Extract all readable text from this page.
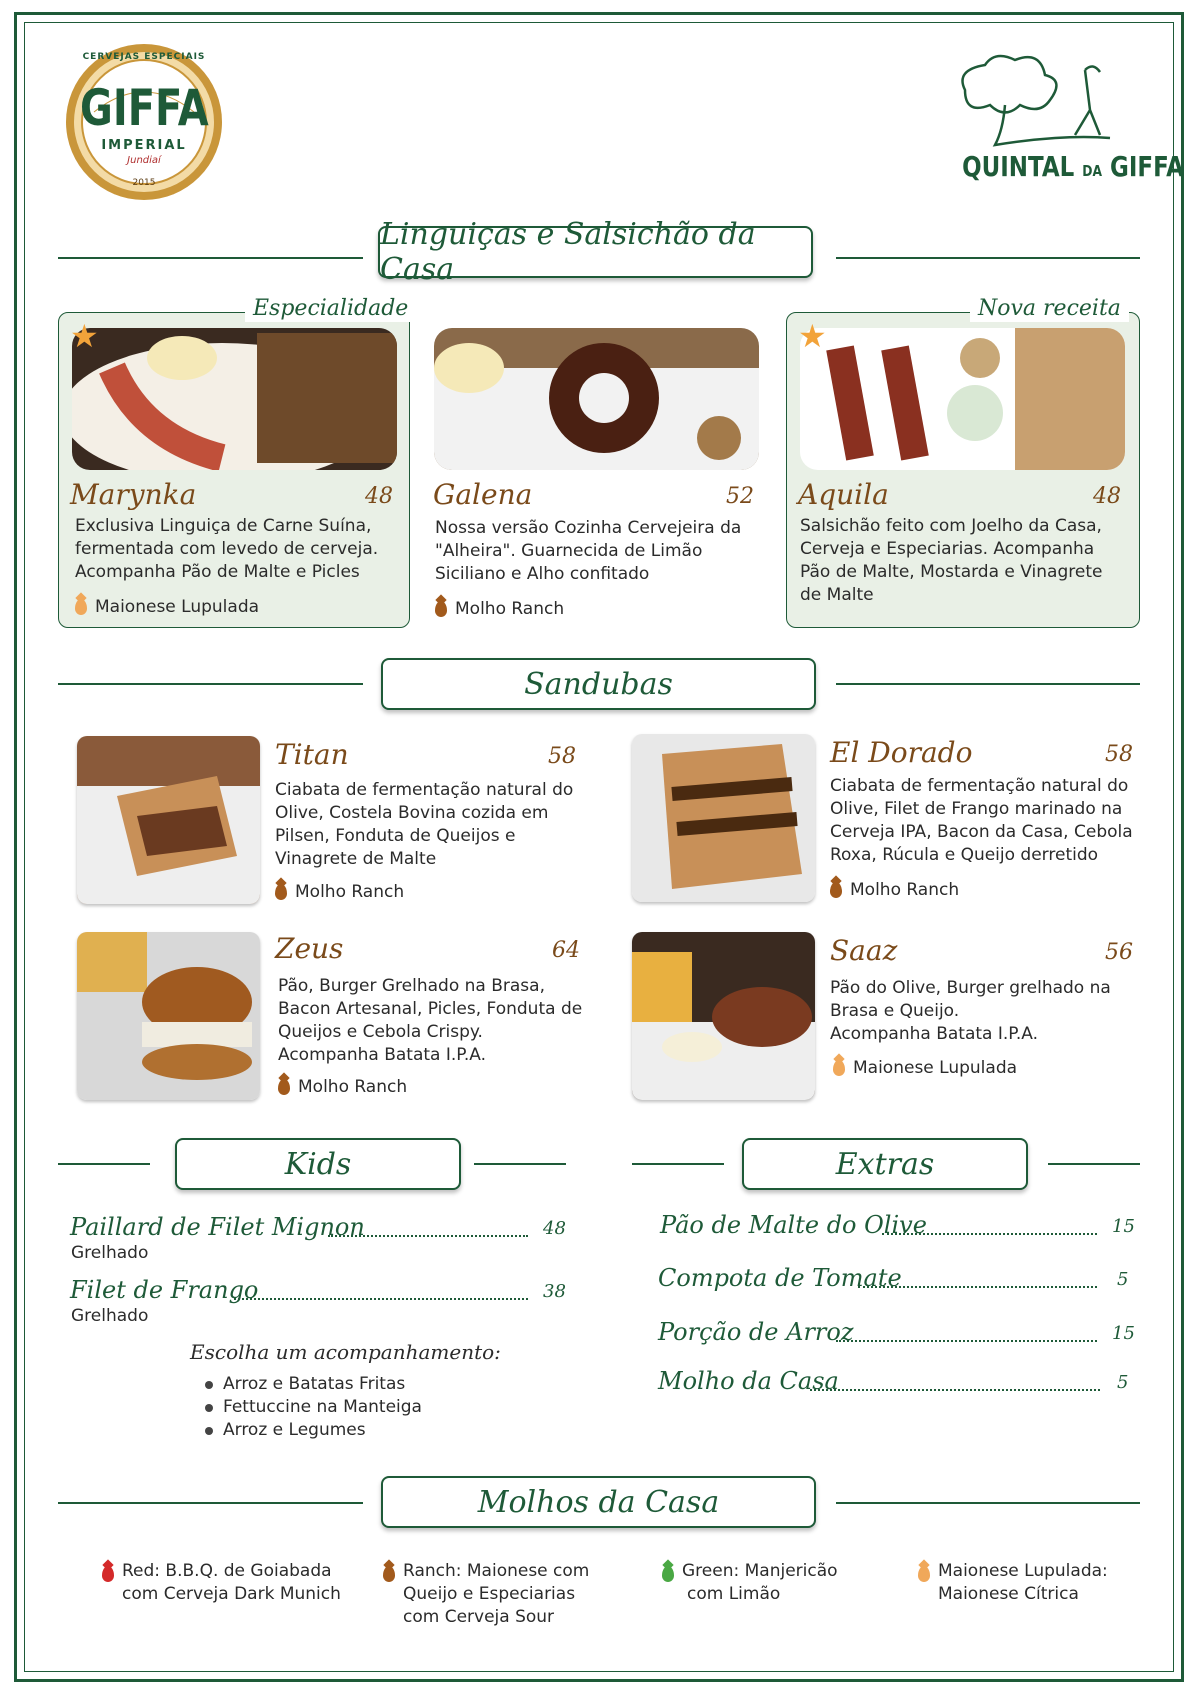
CERVEJAS ESPECIAIS
GIFFA
IMPERIAL
Jundiaí
2015	QUINTAL DA GIFFA
Linguiças e Salsichão da Casa
Especialidade
★
Marynka	48
Exclusiva Linguiça de Carne Suína,
fermentada com levedo de cerveja.
Acompanha Pão de Malte e Picles
Maionese Lupulada
Galena	52
Nossa versão Cozinha Cervejeira da
"Alheira". Guarnecida de Limão
Siciliano e Alho confitado
Molho Ranch
Nova receita
★
Aquila	48
Salsichão feito com Joelho da Casa,
Cerveja e Especiarias. Acompanha
Pão de Malte, Mostarda e Vinagrete
de Malte
Sandubas
Titan	58
Ciabata de fermentação natural do
Olive, Costela Bovina cozida em
Pilsen, Fonduta de Queijos e
Vinagrete de Malte
Molho Ranch
El Dorado	58
Ciabata de fermentação natural do
Olive, Filet de Frango marinado na
Cerveja IPA, Bacon da Casa, Cebola
Roxa, Rúcula e Queijo derretido
Molho Ranch
Zeus	64
Pão, Burger Grelhado na Brasa,
Bacon Artesanal, Picles, Fonduta de
Queijos e Cebola Crispy.
Acompanha Batata I.P.A.
Molho Ranch
Saaz	56
Pão do Olive, Burger grelhado na
Brasa e Queijo.
Acompanha Batata I.P.A.
Maionese Lupulada
Kids
Paillard de Filet Mignon	48
Grelhado
Filet de Frango	38
Grelhado
Escolha um acompanhamento:
Arroz e Batatas Fritas
Fettuccine na Manteiga
Arroz e Legumes
Extras
Pão de Malte do Olive	15
Compota de Tomate	5
Porção de Arroz	15
Molho da Casa	5
Molhos da Casa
Red: B.B.Q. de Goiabada
com Cerveja Dark Munich
Ranch: Maionese com
Queijo e Especiarias
com Cerveja Sour
Green: Manjericão
com Limão
Maionese Lupulada:
Maionese Cítrica
